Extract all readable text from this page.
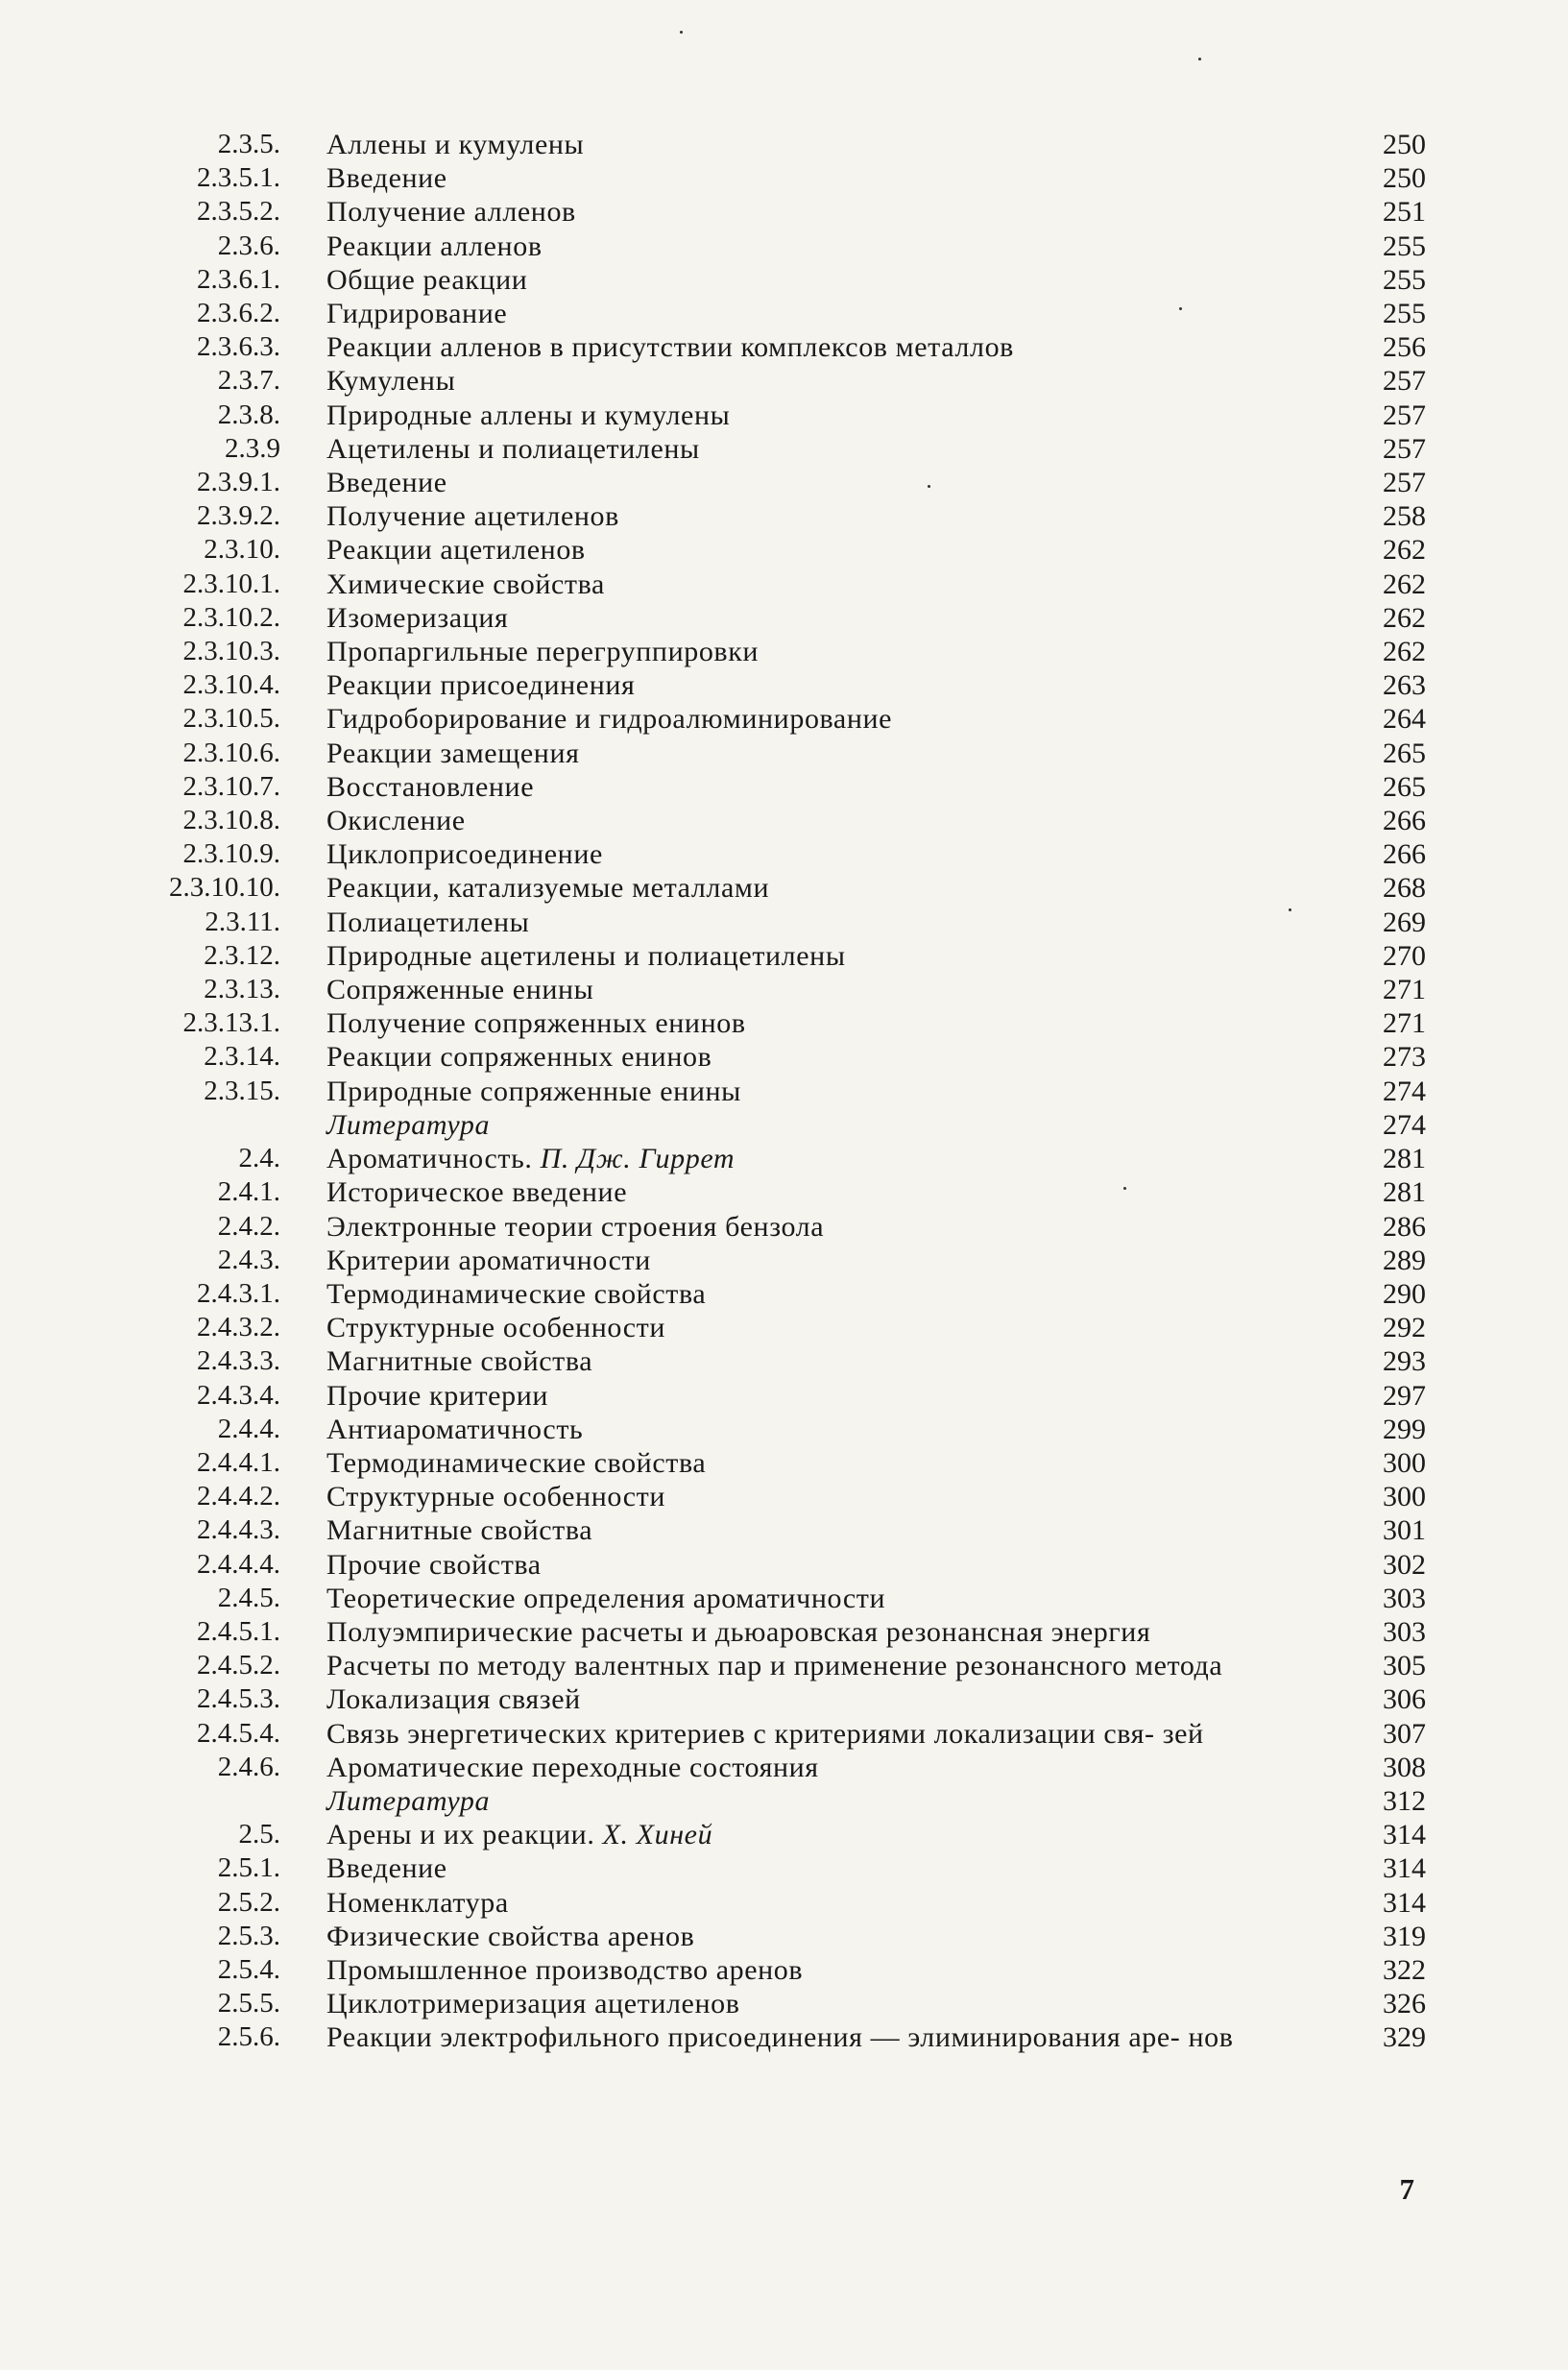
2.3.5. Аллены и кумулены	250
2.3.5.1. Введение	250
2.3.5.2. Получение алленов	251
2.3.6. Реакции алленов	255
2.3.6.1. Общие реакции	255
2.3.6.2. Гидрирование	255
2.3.6.3. Реакции алленов в присутствии комплексов металлов	256
2.3.7. Кумулены	257
2.3.8. Природные аллены и кумулены	257
2.3.9 Ацетилены и полиацетилены	257
2.3.9.1. Введение	257
2.3.9.2. Получение ацетиленов	258
2.3.10. Реакции ацетиленов	262
2.3.10.1. Химические свойства	262
2.3.10.2. Изомеризация	262
2.3.10.3. Пропаргильные перегруппировки	262
2.3.10.4. Реакции присоединения	263
2.3.10.5. Гидроборирование и гидроалюминирование	264
2.3.10.6. Реакции замещения	265
2.3.10.7. Восстановление	265
2.3.10.8. Окисление	266
2.3.10.9. Циклоприсоединение	266
2.3.10.10. Реакции, катализуемые металлами	268
2.3.11. Полиацетилены	269
2.3.12. Природные ацетилены и полиацетилены	270
2.3.13. Сопряженные енины	271
2.3.13.1. Получение сопряженных енинов	271
2.3.14. Реакции сопряженных енинов	273
2.3.15. Природные сопряженные енины	274
Литература	274
2.4. Ароматичность. П. Дж. Гиррет	281
2.4.1. Историческое введение	281
2.4.2. Электронные теории строения бензола	286
2.4.3. Критерии ароматичности	289
2.4.3.1. Термодинамические свойства	290
2.4.3.2. Структурные особенности	292
2.4.3.3. Магнитные свойства	293
2.4.3.4. Прочие критерии	297
2.4.4. Антиароматичность	299
2.4.4.1. Термодинамические свойства	300
2.4.4.2. Структурные особенности	300
2.4.4.3. Магнитные свойства	301
2.4.4.4. Прочие свойства	302
2.4.5. Теоретические определения ароматичности	303
2.4.5.1. Полуэмпирические расчеты и дьюаровская резонансная энергия	303
2.4.5.2. Расчеты по методу валентных пар и применение резонансного метода	305
2.4.5.3. Локализация связей	306
2.4.5.4. Связь энергетических критериев с критериями локализации свя- зей	307
2.4.6. Ароматические переходные состояния	308
Литература	312
2.5. Арены и их реакции. X. Хиней	314
2.5.1. Введение	314
2.5.2. Номенклатура	314
2.5.3. Физические свойства аренов	319
2.5.4. Промышленное производство аренов	322
2.5.5. Циклотримеризация ацетиленов	326
2.5.6. Реакции электрофильного присоединения — элиминирования аре- нов	329
7
